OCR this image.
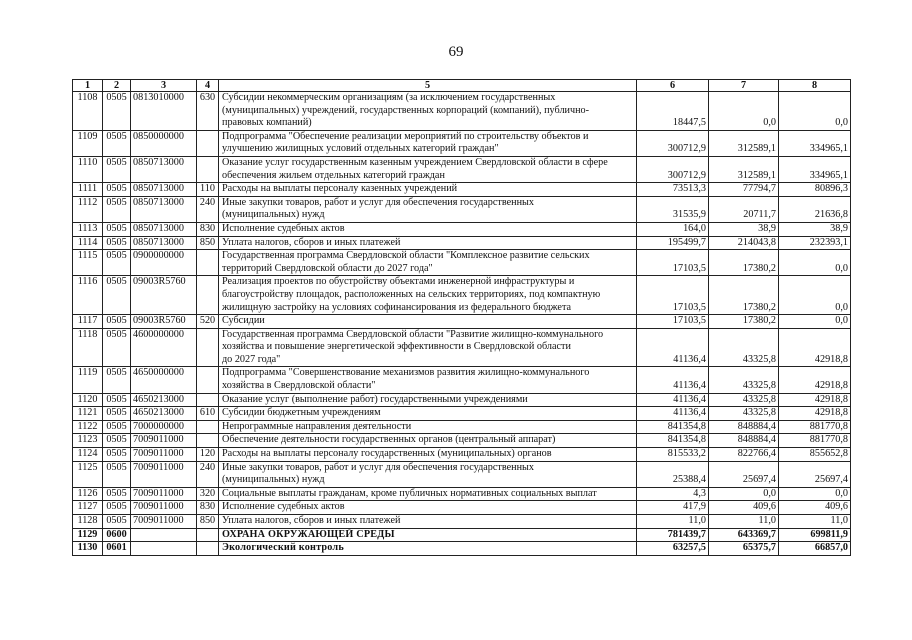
69
1	2	3	4	5	6	7	8
1108	0505	0813010000	630	Субсидии некоммерческим организациям (за исключением государственных
(муниципальных) учреждений, государственных корпораций (компаний), публично-
правовых компаний)	18447,5	0,0	0,0
1109	0505	0850000000		Подпрограмма "Обеспечение реализации мероприятий по строительству объектов и
улучшению жилищных условий отдельных категорий граждан"	300712,9	312589,1	334965,1
1110	0505	0850713000		Оказание услуг государственным казенным учреждением Свердловской области в сфере
обеспечения жильем отдельных категорий граждан	300712,9	312589,1	334965,1
1111	0505	0850713000	110	Расходы на выплаты персоналу казенных учреждений	73513,3	77794,7	80896,3
1112	0505	0850713000	240	Иные закупки товаров, работ и услуг для обеспечения государственных
(муниципальных) нужд	31535,9	20711,7	21636,8
1113	0505	0850713000	830	Исполнение судебных актов	164,0	38,9	38,9
1114	0505	0850713000	850	Уплата налогов, сборов и иных платежей	195499,7	214043,8	232393,1
1115	0505	0900000000		Государственная программа Свердловской области "Комплексное развитие сельских
территорий Свердловской области до 2027 года"	17103,5	17380,2	0,0
1116	0505	09003R5760		Реализация проектов по обустройству объектами инженерной инфраструктуры и
благоустройству площадок, расположенных на сельских территориях, под компактную
жилищную застройку на условиях софинансирования из федерального бюджета	17103,5	17380,2	0,0
1117	0505	09003R5760	520	Субсидии	17103,5	17380,2	0,0
1118	0505	4600000000		Государственная программа Свердловской области "Развитие жилищно-коммунального
хозяйства и повышение энергетической эффективности в Свердловской области
до 2027 года"	41136,4	43325,8	42918,8
1119	0505	4650000000		Подпрограмма "Совершенствование механизмов развития жилищно-коммунального
хозяйства в Свердловской области"	41136,4	43325,8	42918,8
1120	0505	4650213000		Оказание услуг (выполнение работ) государственными учреждениями	41136,4	43325,8	42918,8
1121	0505	4650213000	610	Субсидии бюджетным учреждениям	41136,4	43325,8	42918,8
1122	0505	7000000000		Непрограммные направления деятельности	841354,8	848884,4	881770,8
1123	0505	7009011000		Обеспечение деятельности государственных органов (центральный аппарат)	841354,8	848884,4	881770,8
1124	0505	7009011000	120	Расходы на выплаты персоналу государственных (муниципальных) органов	815533,2	822766,4	855652,8
1125	0505	7009011000	240	Иные закупки товаров, работ и услуг для обеспечения государственных
(муниципальных) нужд	25388,4	25697,4	25697,4
1126	0505	7009011000	320	Социальные выплаты гражданам, кроме публичных нормативных социальных выплат	4,3	0,0	0,0
1127	0505	7009011000	830	Исполнение судебных актов	417,9	409,6	409,6
1128	0505	7009011000	850	Уплата налогов, сборов и иных платежей	11,0	11,0	11,0
1129	0600			ОХРАНА ОКРУЖАЮЩЕЙ СРЕДЫ	781439,7	643369,7	699811,9
1130	0601			Экологический контроль	63257,5	65375,7	66857,0
